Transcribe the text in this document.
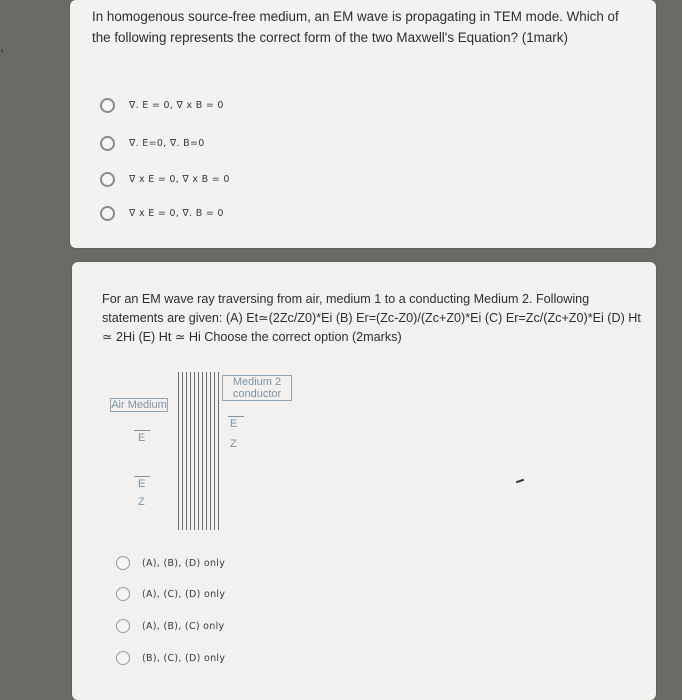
,
In homogenous source-free medium, an EM wave is propagating in TEM mode. Which of the following represents the correct form of the two Maxwell's Equation? (1mark)
∇. E = 0, ∇ x B = 0
∇. E=0, ∇. B=0
∇ x E = 0, ∇ x B = 0
∇ x E = 0, ∇. B = 0
For an EM wave ray traversing from air, medium 1 to a conducting Medium 2. Following statements are given: (A) Et≃(2Zc/Z0)*Ei (B) Er=(Zc-Z0)/(Zc+Z0)*Ei (C) Er=Zc/(Zc+Z0)*Ei (D) Ht ≃ 2Hi (E) Ht ≃ Hi Choose the correct option (2marks)
Air Medium
Medium 2 conductor
E
E
Z
E
Z
(A), (B), (D) only
(A), (C), (D) only
(A), (B), (C) only
(B), (C), (D) only
